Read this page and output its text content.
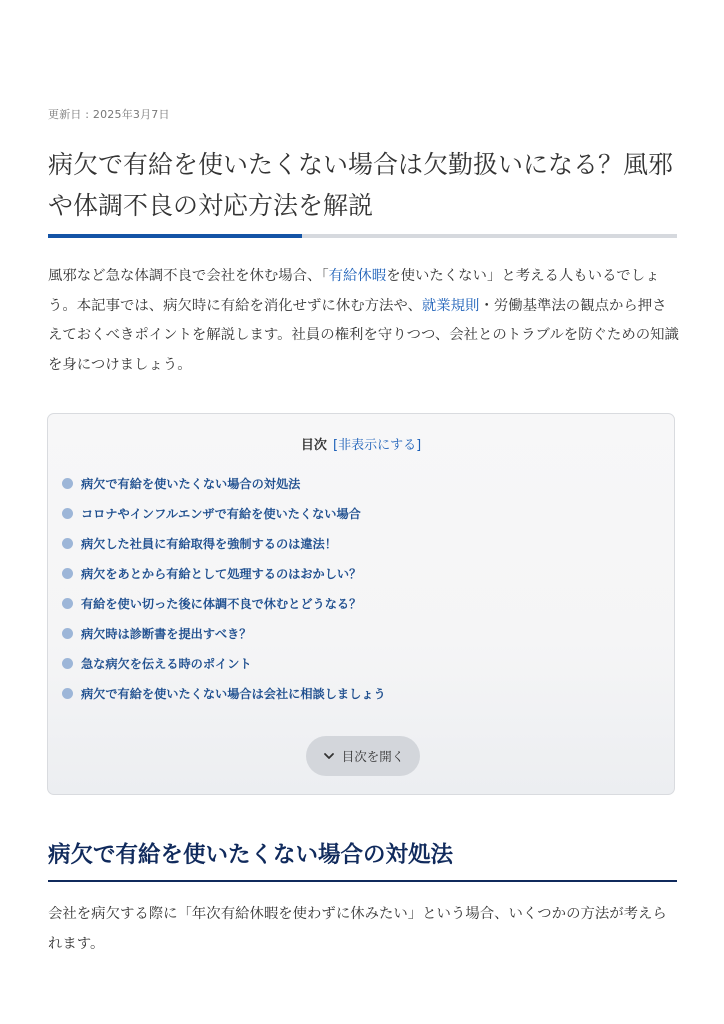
更新日 : 2025年3月7日
病欠で有給を使いたくない場合は欠勤扱いになる？風邪や体調不良の対応方法を解説

風邪など急な体調不良で会社を休む場合、「有給休暇を使いたくない」と考える人もいるでしょう。本記事では、病欠時に有給を消化せずに休む方法や、就業規則・労働基準法の観点から押さえておくべきポイントを解説します。社員の権利を守りつつ、会社とのトラブルを防ぐための知識を身につけましょう。

目次 [非表示にする]
病欠で有給を使いたくない場合の対処法
コロナやインフルエンザで有給を使いたくない場合
病欠した社員に有給取得を強制するのは違法！
病欠をあとから有給として処理するのはおかしい？
有給を使い切った後に体調不良で休むとどうなる？
病欠時は診断書を提出すべき？
急な病欠を伝える時のポイント
病欠で有給を使いたくない場合は会社に相談しましょう
目次を開く
病欠で有給を使いたくない場合の対処法

会社を病欠する際に「年次有給休暇を使わずに休みたい」という場合、いくつかの方法が考えられます。
